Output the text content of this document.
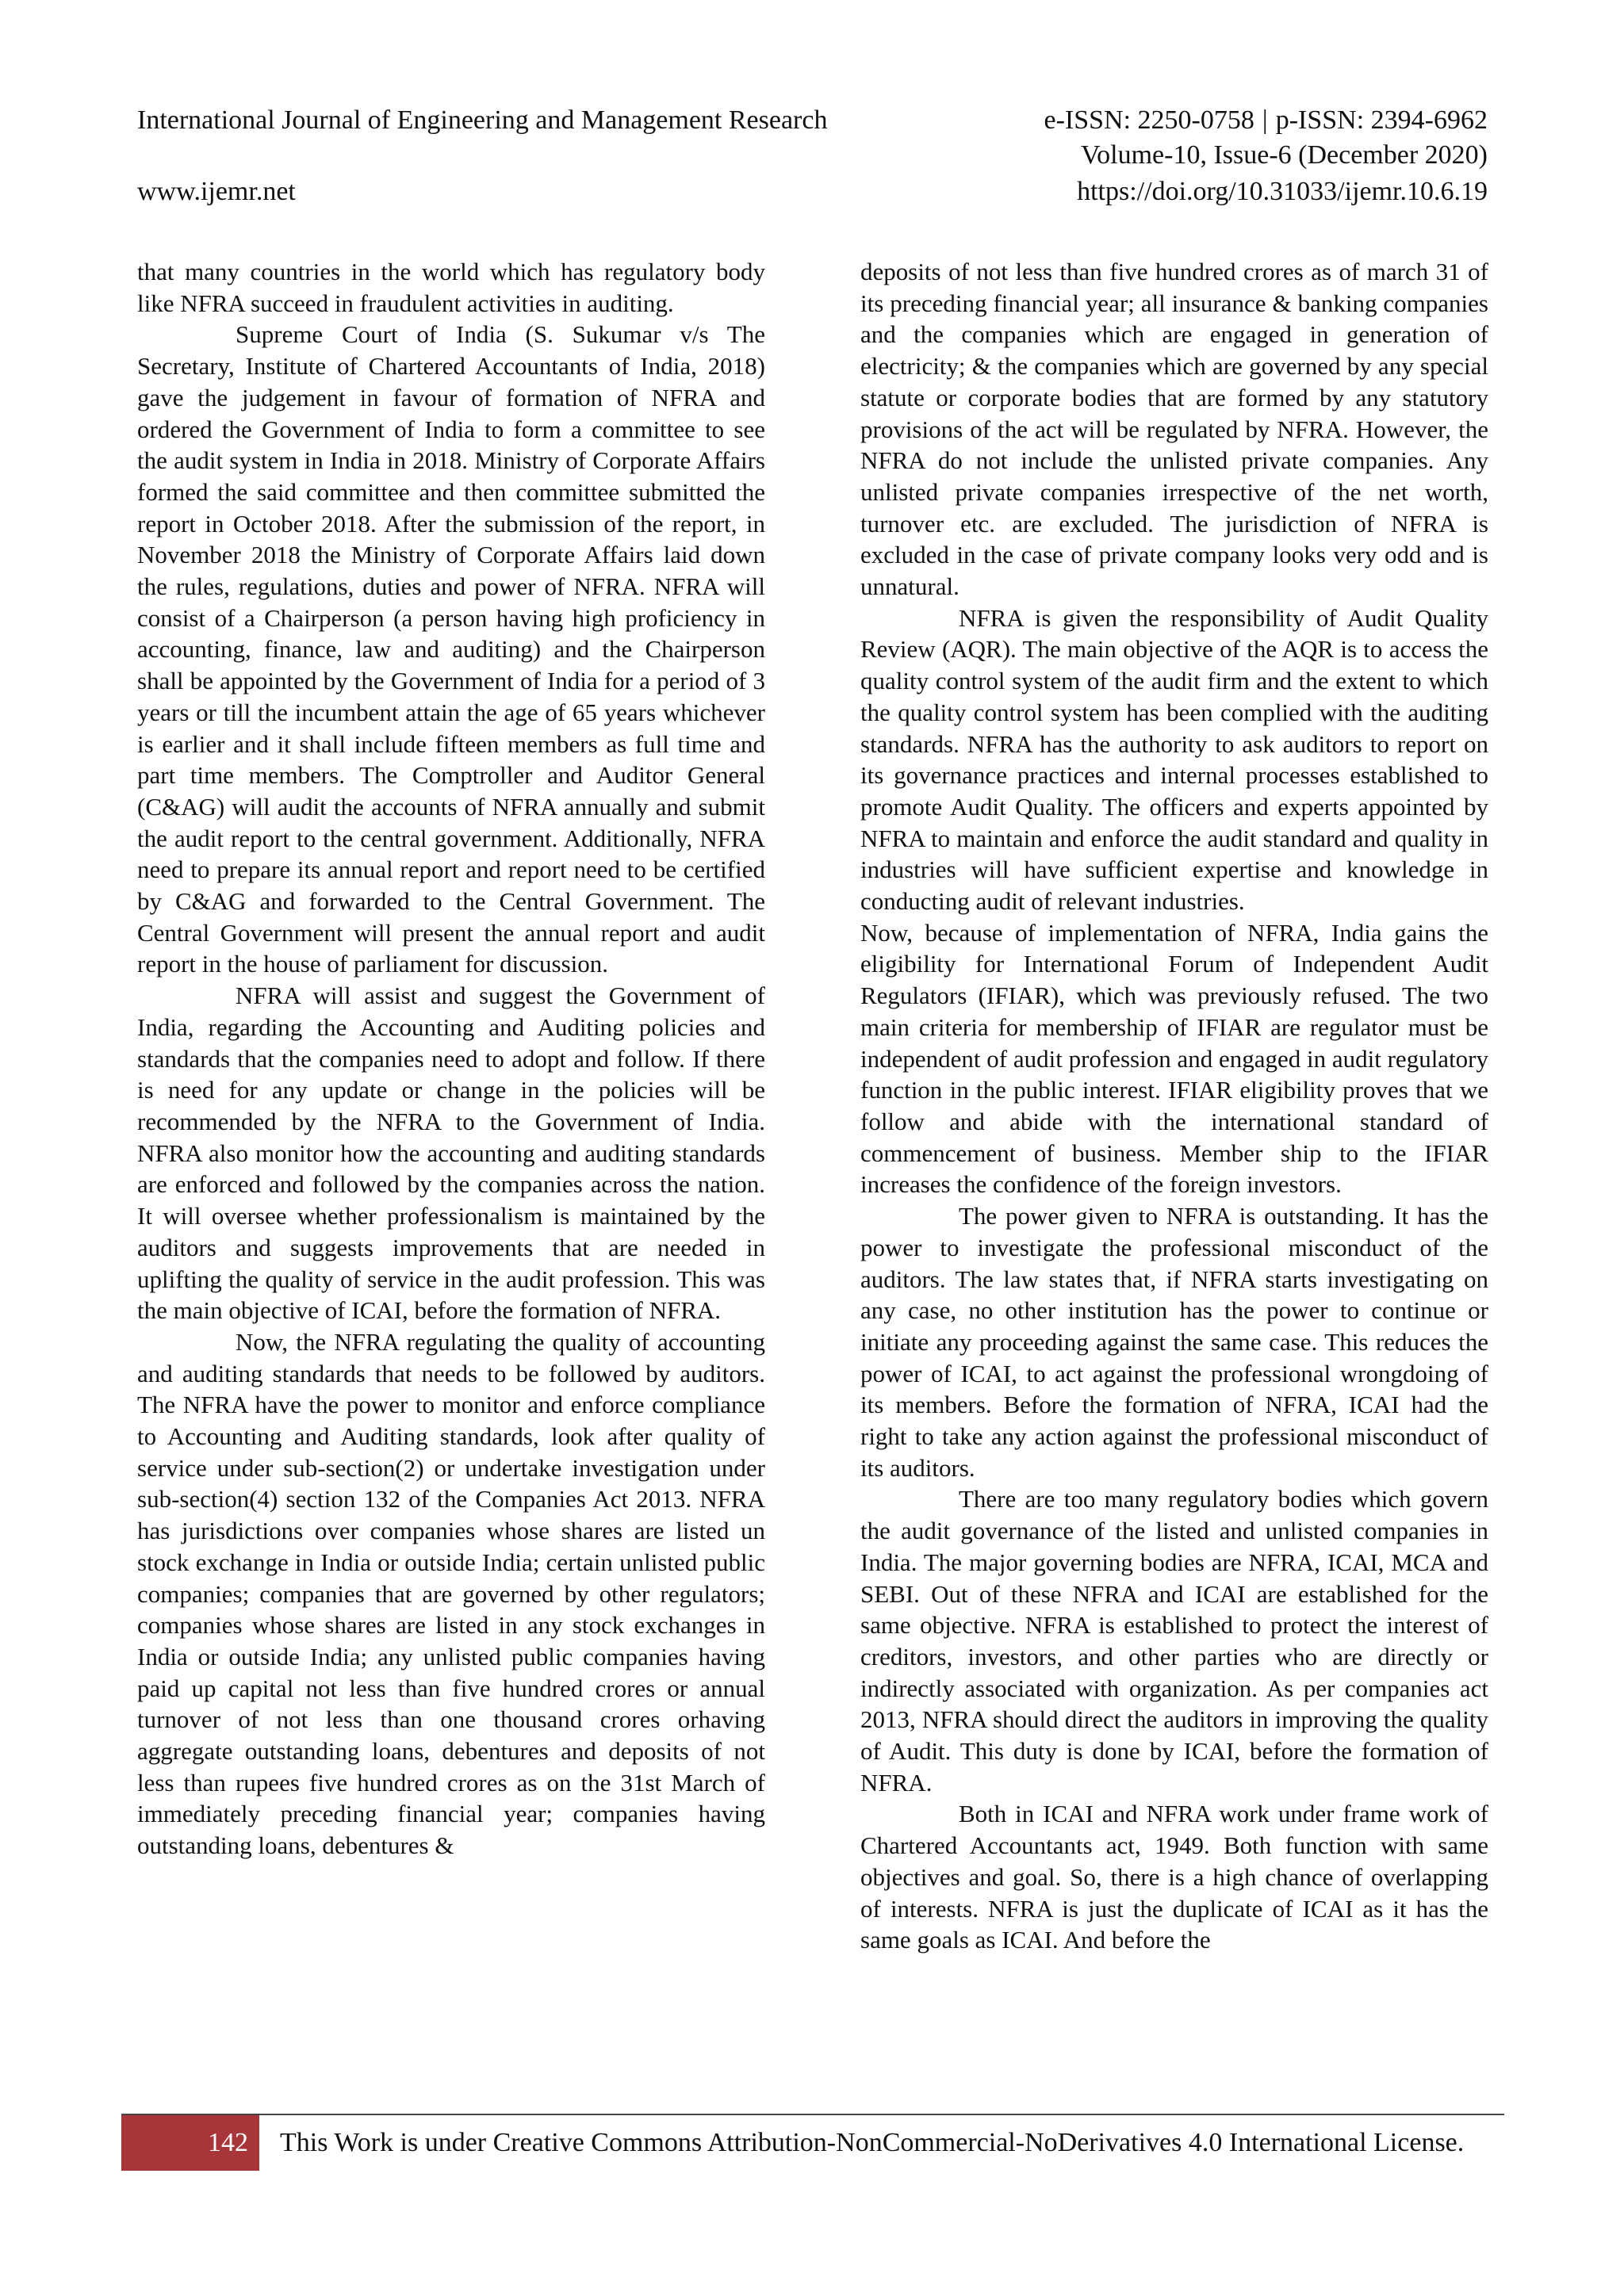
International Journal of Engineering and Management Research	e-ISSN: 2250-0758 | p-ISSN: 2394-6962
Volume-10, Issue-6 (December 2020)
www.ijemr.net	https://doi.org/10.31033/ijemr.10.6.19

that many countries in the world which has regulatory body like NFRA succeed in fraudulent activities in auditing.

Supreme Court of India (S. Sukumar v/s The Secretary, Institute of Chartered Accountants of India, 2018) gave the judgement in favour of formation of NFRA and ordered the Government of India to form a committee to see the audit system in India in 2018. Ministry of Corporate Affairs formed the said committee and then committee submitted the report in October 2018. After the submission of the report, in November 2018 the Ministry of Corporate Affairs laid down the rules, regulations, duties and power of NFRA. NFRA will consist of a Chairperson (a person having high proficiency in accounting, finance, law and auditing) and the Chairperson shall be appointed by the Government of India for a period of 3 years or till the incumbent attain the age of 65 years whichever is earlier and it shall include fifteen members as full time and part time members. The Comptroller and Auditor General (C&AG) will audit the accounts of NFRA annually and submit the audit report to the central government. Additionally, NFRA need to prepare its annual report and report need to be certified by C&AG and forwarded to the Central Government. The Central Government will present the annual report and audit report in the house of parliament for discussion.

NFRA will assist and suggest the Government of India, regarding the Accounting and Auditing policies and standards that the companies need to adopt and follow. If there is need for any update or change in the policies will be recommended by the NFRA to the Government of India. NFRA also monitor how the accounting and auditing standards are enforced and followed by the companies across the nation. It will oversee whether professionalism is maintained by the auditors and suggests improvements that are needed in uplifting the quality of service in the audit profession. This was the main objective of ICAI, before the formation of NFRA.

Now, the NFRA regulating the quality of accounting and auditing standards that needs to be followed by auditors. The NFRA have the power to monitor and enforce compliance to Accounting and Auditing standards, look after quality of service under sub-section(2) or undertake investigation under sub-section(4) section 132 of the Companies Act 2013. NFRA has jurisdictions over companies whose shares are listed un stock exchange in India or outside India; certain unlisted public companies; companies that are governed by other regulators; companies whose shares are listed in any stock exchanges in India or outside India; any unlisted public companies having paid up capital not less than five hundred crores or annual turnover of not less than one thousand crores orhaving aggregate outstanding loans, debentures and deposits of not less than rupees five hundred crores as on the 31st March of immediately preceding financial year; companies having outstanding loans, debentures &

deposits of not less than five hundred crores as of march 31 of its preceding financial year; all insurance & banking companies and the companies which are engaged in generation of electricity; & the companies which are governed by any special statute or corporate bodies that are formed by any statutory provisions of the act will be regulated by NFRA. However, the NFRA do not include the unlisted private companies. Any unlisted private companies irrespective of the net worth, turnover etc. are excluded. The jurisdiction of NFRA is excluded in the case of private company looks very odd and is unnatural.

NFRA is given the responsibility of Audit Quality Review (AQR). The main objective of the AQR is to access the quality control system of the audit firm and the extent to which the quality control system has been complied with the auditing standards. NFRA has the authority to ask auditors to report on its governance practices and internal processes established to promote Audit Quality. The officers and experts appointed by NFRA to maintain and enforce the audit standard and quality in industries will have sufficient expertise and knowledge in conducting audit of relevant industries.

Now, because of implementation of NFRA, India gains the eligibility for International Forum of Independent Audit Regulators (IFIAR), which was previously refused. The two main criteria for membership of IFIAR are regulator must be independent of audit profession and engaged in audit regulatory function in the public interest. IFIAR eligibility proves that we follow and abide with the international standard of commencement of business. Member ship to the IFIAR increases the confidence of the foreign investors.

The power given to NFRA is outstanding. It has the power to investigate the professional misconduct of the auditors. The law states that, if NFRA starts investigating on any case, no other institution has the power to continue or initiate any proceeding against the same case. This reduces the power of ICAI, to act against the professional wrongdoing of its members. Before the formation of NFRA, ICAI had the right to take any action against the professional misconduct of its auditors.

There are too many regulatory bodies which govern the audit governance of the listed and unlisted companies in India. The major governing bodies are NFRA, ICAI, MCA and SEBI. Out of these NFRA and ICAI are established for the same objective. NFRA is established to protect the interest of creditors, investors, and other parties who are directly or indirectly associated with organization. As per companies act 2013, NFRA should direct the auditors in improving the quality of Audit. This duty is done by ICAI, before the formation of NFRA.

Both in ICAI and NFRA work under frame work of Chartered Accountants act, 1949. Both function with same objectives and goal. So, there is a high chance of overlapping of interests. NFRA is just the duplicate of ICAI as it has the same goals as ICAI. And before the

142	This Work is under Creative Commons Attribution-NonCommercial-NoDerivatives 4.0 International License.
